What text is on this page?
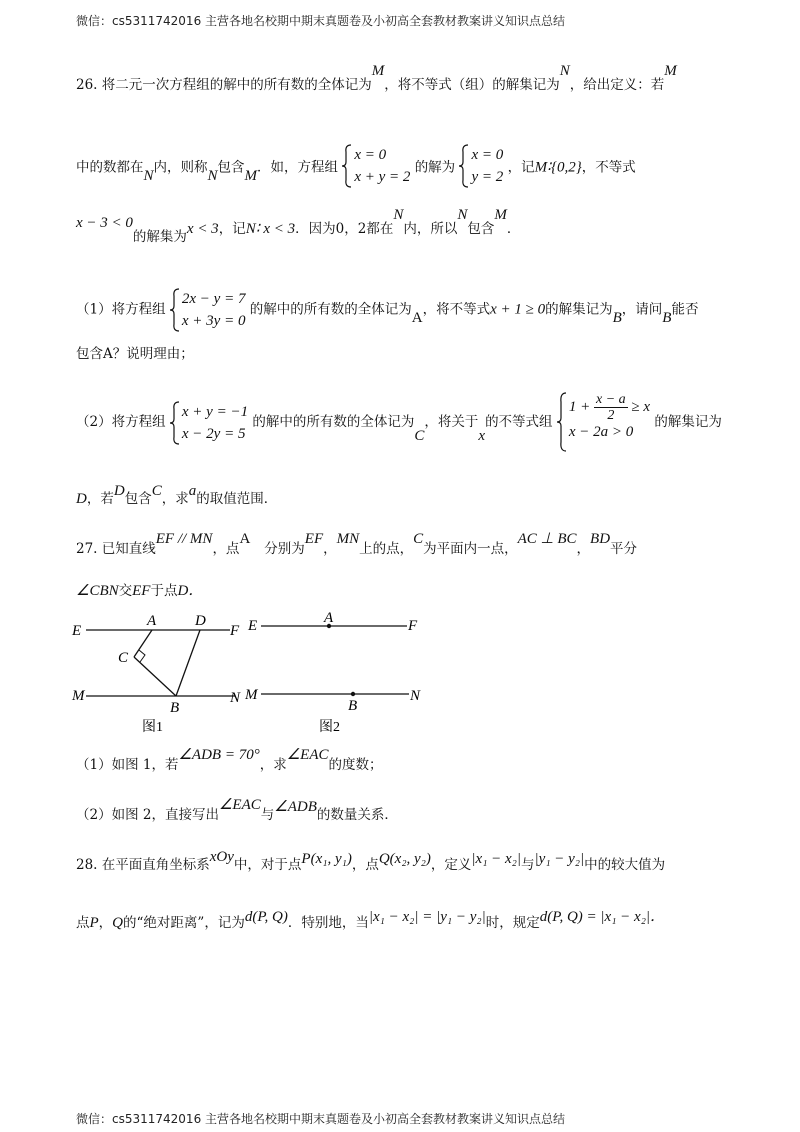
微信：cs5311742016 主营各地名校期中期末真题卷及小初高全套教材教案讲义知识点总结
26. 将二元一次方程组的解中的所有数的全体记为M，将不等式（组）的解集记为N，给出定义：若M
中的数都在N内，则称N包含M．如，方程组
x = 0
x + y = 2
的解为
x = 0
y = 2
，记M∶{0,2}，不等式
x − 3 < 0的解集为x < 3，记N∶ x < 3．因为0，2都在N内，所以N包含M．
（1）将方程组
2x − y = 7
x + 3y = 0
的解中的所有数的全体记为A，将不等式x + 1 ≥ 0的解集记为B，请问B能否
包含A？说明理由；
（2）将方程组
x + y = −1
x − 2y = 5
的解中的所有数的全体记为C，将关于x的不等式组
$1 + \frac{x - a}{2} \ge x$
x − 2a > 0
的解集记为
D，若D包含C，求a的取值范围．
27. 已知直线EF // MN，点A分别为EF，MN上的点，C为平面内一点，AC ⊥ BC，BD平分
∠CBN交EF于点D．
E
A	D
F
C
M
B
N
图1
E	A	F
M
B
N
图2
（1）如图 1，若∠ADB = 70°，求∠EAC的度数；
（2）如图 2，直接写出∠EAC与∠ADB的数量关系．
28. 在平面直角坐标系xOy中，对于点P(x₁, y₁)，点Q(x₂, y₂)，定义|x₁ − x₂|与|y₁ − y₂|中的较大值为
点P，Q的“绝对距离”，记为d(P, Q)．特别地，当|x₁ − x₂| = |y₁ − y₂|时，规定d(P, Q) = |x₁ − x₂|．
微信：cs5311742016 主营各地名校期中期末真题卷及小初高全套教材教案讲义知识点总结
